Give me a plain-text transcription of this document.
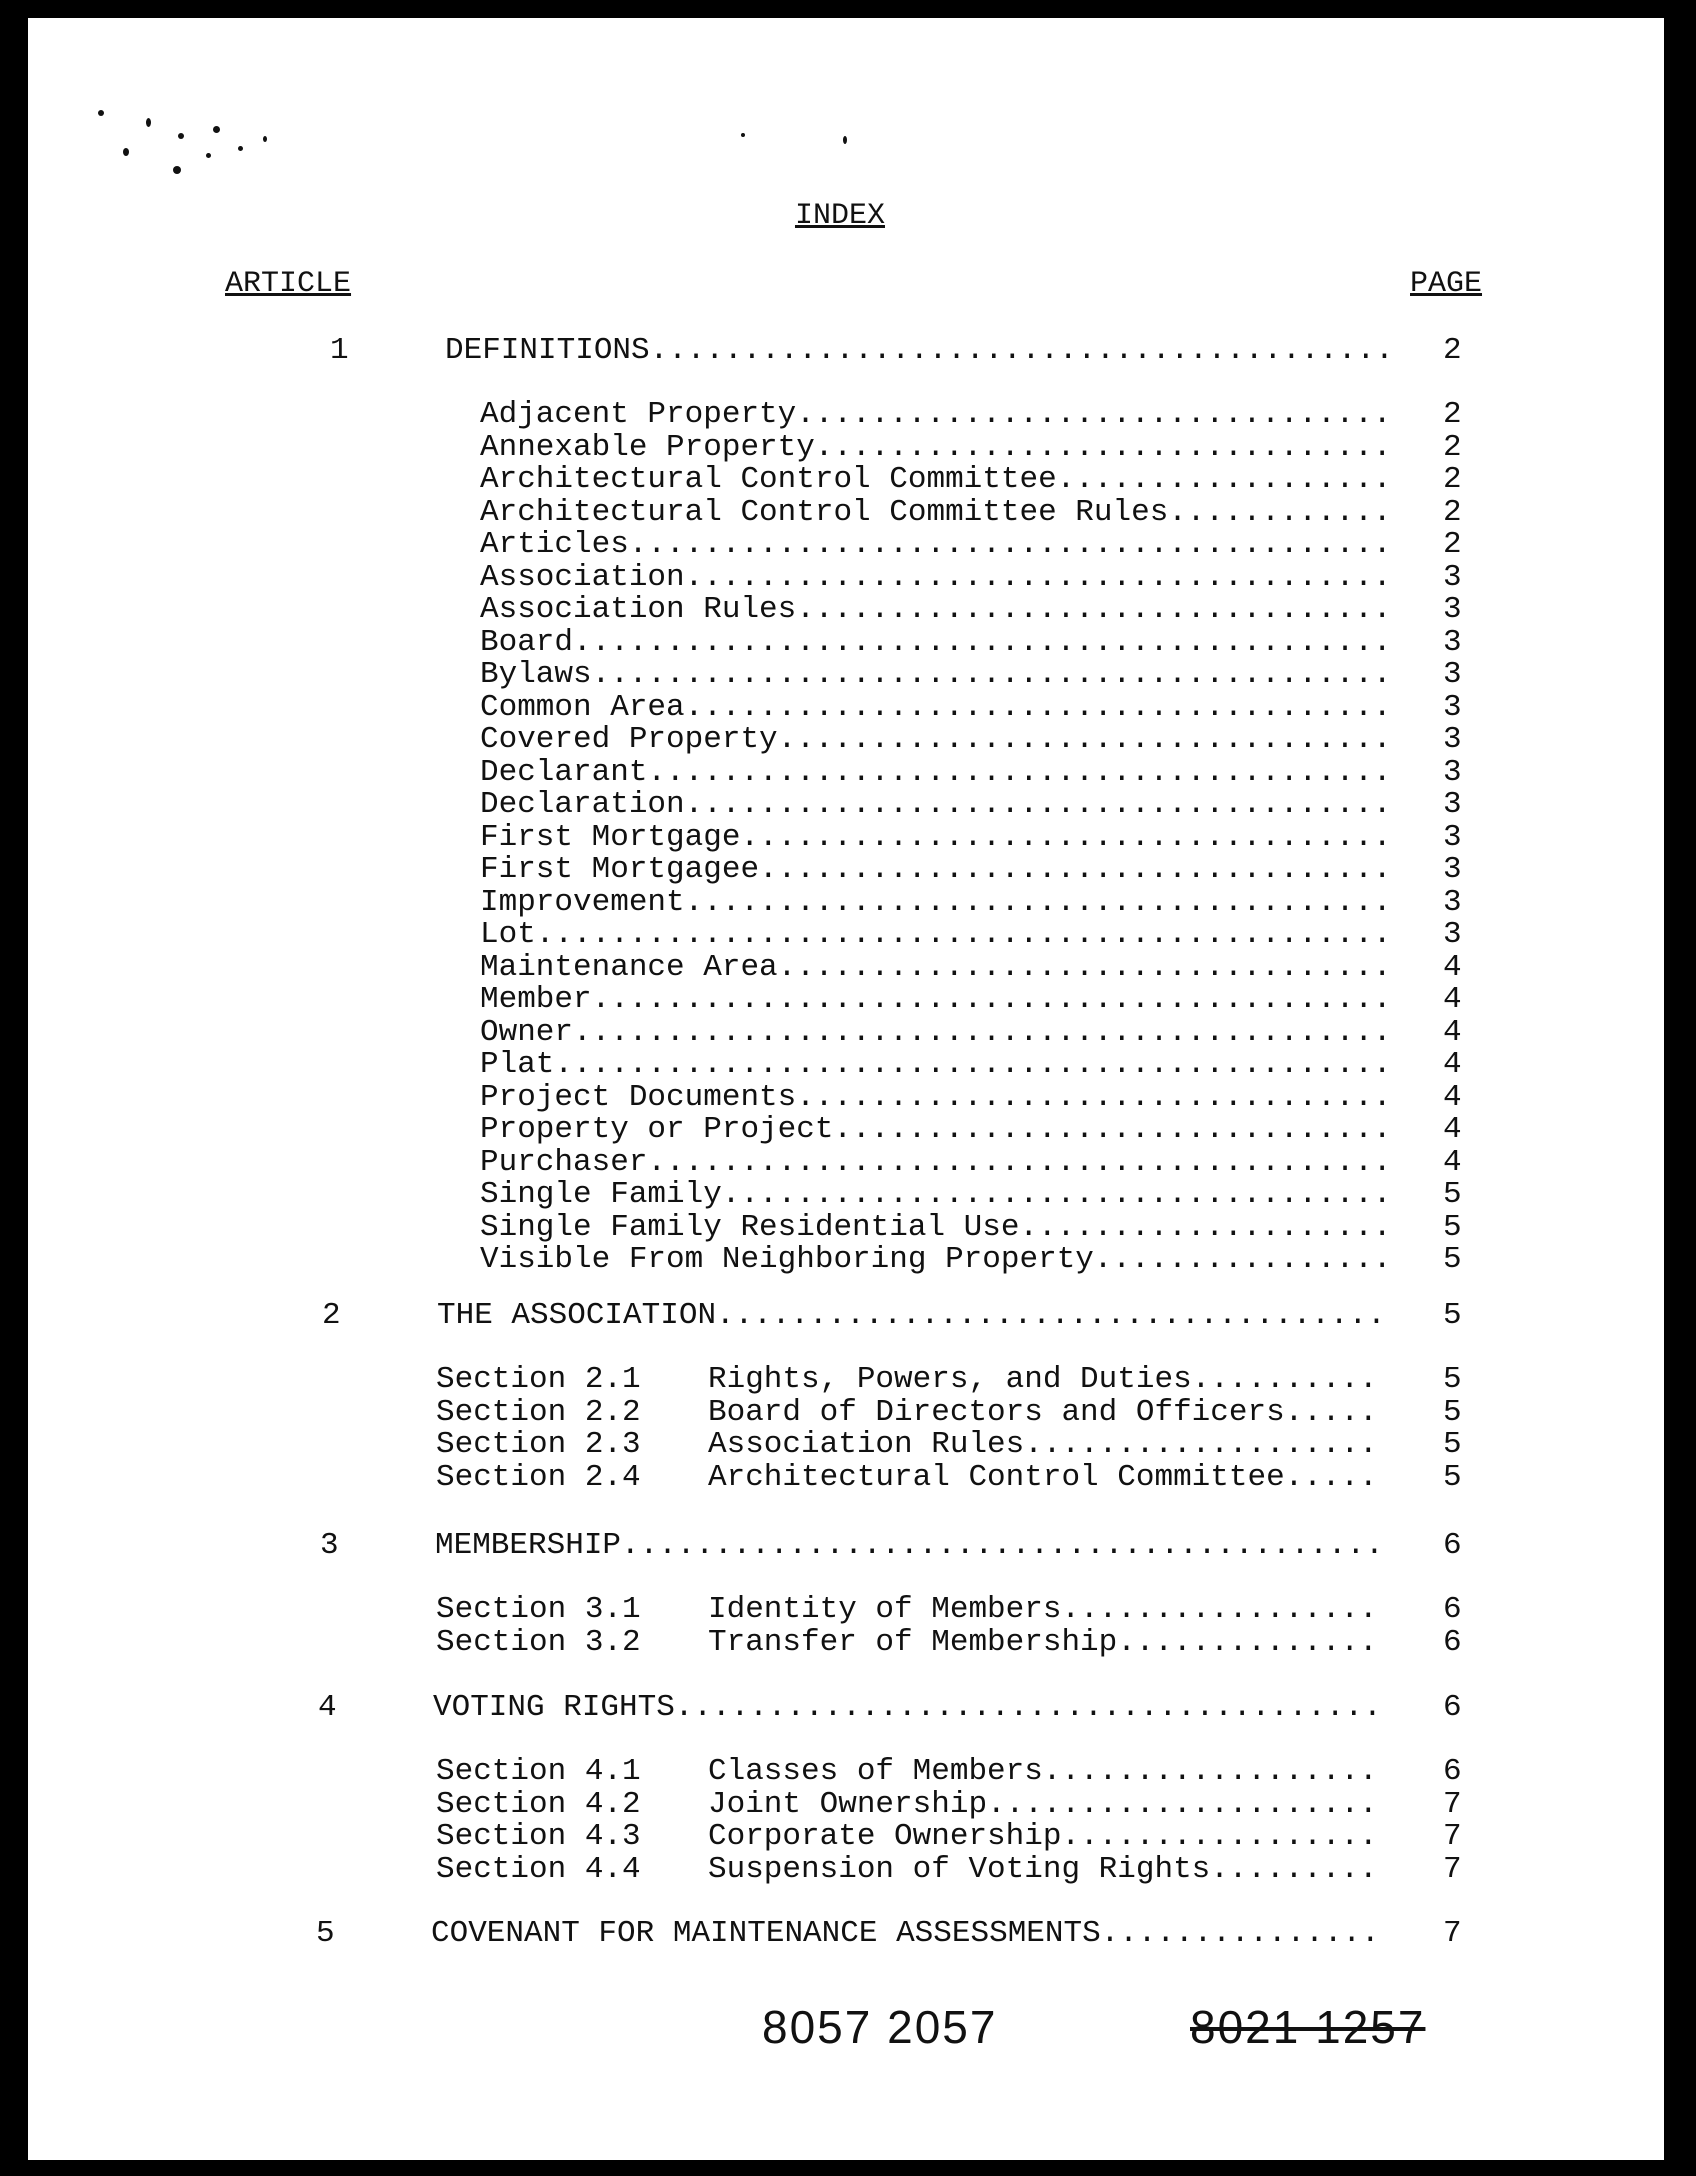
INDEX
ARTICLE	PAGE
1	DEFINITIONS ........................................ 2
Adjacent Property ................................ 2
Annexable Property ............................... 2
Architectural Control Committee .................. 2
Architectural Control Committee Rules ............ 2
Articles ......................................... 2
Association ...................................... 3
Association Rules ................................ 3
Board ............................................ 3
Bylaws ........................................... 3
Common Area ...................................... 3
Covered Property ................................. 3
Declarant ........................................ 3
Declaration ...................................... 3
First Mortgage ................................... 3
First Mortgagee .................................. 3
Improvement ...................................... 3
Lot .............................................. 3
Maintenance Area ................................. 4
Member ........................................... 4
Owner ............................................ 4
Plat ............................................. 4
Project Documents ................................ 4
Property or Project .............................. 4
Purchaser ........................................ 4
Single Family .................................... 5
Single Family Residential Use .................... 5
Visible From Neighboring Property ................ 5
2	THE ASSOCIATION .................................... 5
Section 2.1 Rights, Powers, and Duties .......... 5
Section 2.2 Board of Directors and Officers ..... 5
Section 2.3 Association Rules ................... 5
Section 2.4 Architectural Control Committee ..... 5
3	MEMBERSHIP ......................................... 6
Section 3.1 Identity of Members ................. 6
Section 3.2 Transfer of Membership .............. 6
4	VOTING RIGHTS ...................................... 6
Section 4.1 Classes of Members .................. 6
Section 4.2 Joint Ownership ..................... 7
Section 4.3 Corporate Ownership ................. 7
Section 4.4 Suspension of Voting Rights ......... 7
5	COVENANT FOR MAINTENANCE ASSESSMENTS ............... 7
8057 2057	8021 1257
